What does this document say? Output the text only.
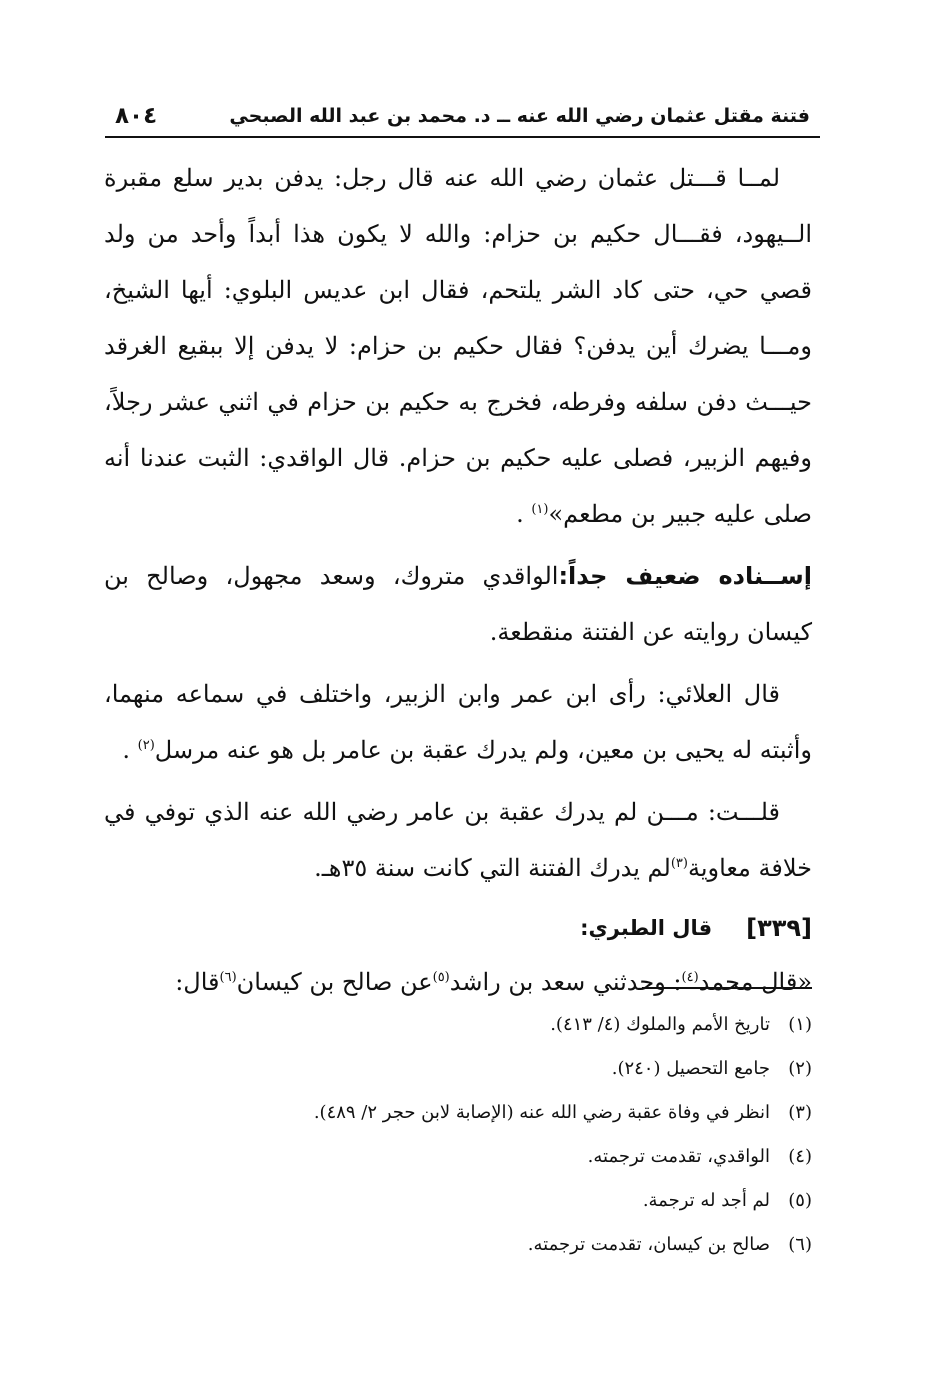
فتنة مقتل عثمان رضي الله عنه ــ د. محمد بن عبد الله الصبحي
٨٠٤

لمــا قـــتل عثمان رضي الله عنه قال رجل: يدفن بدير سلع مقبرة الــيهود، فقـــال حكيم بن حزام: والله لا يكون هذا أبداً وأحد من ولد قصي حي، حتى كاد الشر يلتحم، فقال ابن عديس البلوي: أيها الشيخ، ومـــا يضرك أين يدفن؟ فقال حكيم بن حزام: لا يدفن إلا ببقيع الغرقد حيـــث دفن سلفه وفرطه، فخرج به حكيم بن حزام في اثني عشر رجلاً، وفيهم الزبير، فصلى عليه حكيم بن حزام. قال الواقدي: الثبت عندنا أنه صلى عليه جبير بن مطعم»$^{(١)}$ .

إســناده ضعيف جداً:الواقدي متروك، وسعد مجهول، وصالح بن كيسان روايته عن الفتنة منقطعة.

قال العلائي: رأى ابن عمر وابن الزبير، واختلف في سماعه منهما، وأثبته له يحيى بن معين، ولم يدرك عقبة بن عامر بل هو عنه مرسل$^{(٢)}$ .

قلـــت: مـــن لم يدرك عقبة بن عامر رضي الله عنه الذي توفي في خلافة معاوية$^{(٣)}$لم يدرك الفتنة التي كانت سنة ٣٥هـ.

[٣٣٩]
قال الطبري:

«قال محمد$^{(٤)}$: وحدثني سعد بن راشد$^{(٥)}$عن صالح بن كيسان$^{(٦)}$قال:

(١)
تاريخ الأمم والملوك (٤/ ٤١٣).
(٢)
جامع التحصيل (٢٤٠).
(٣)
انظر في وفاة عقبة رضي الله عنه (الإصابة لابن حجر ٢/ ٤٨٩).
(٤)
الواقدي، تقدمت ترجمته.
(٥)
لم أجد له ترجمة.
(٦)
صالح بن كيسان، تقدمت ترجمته.
